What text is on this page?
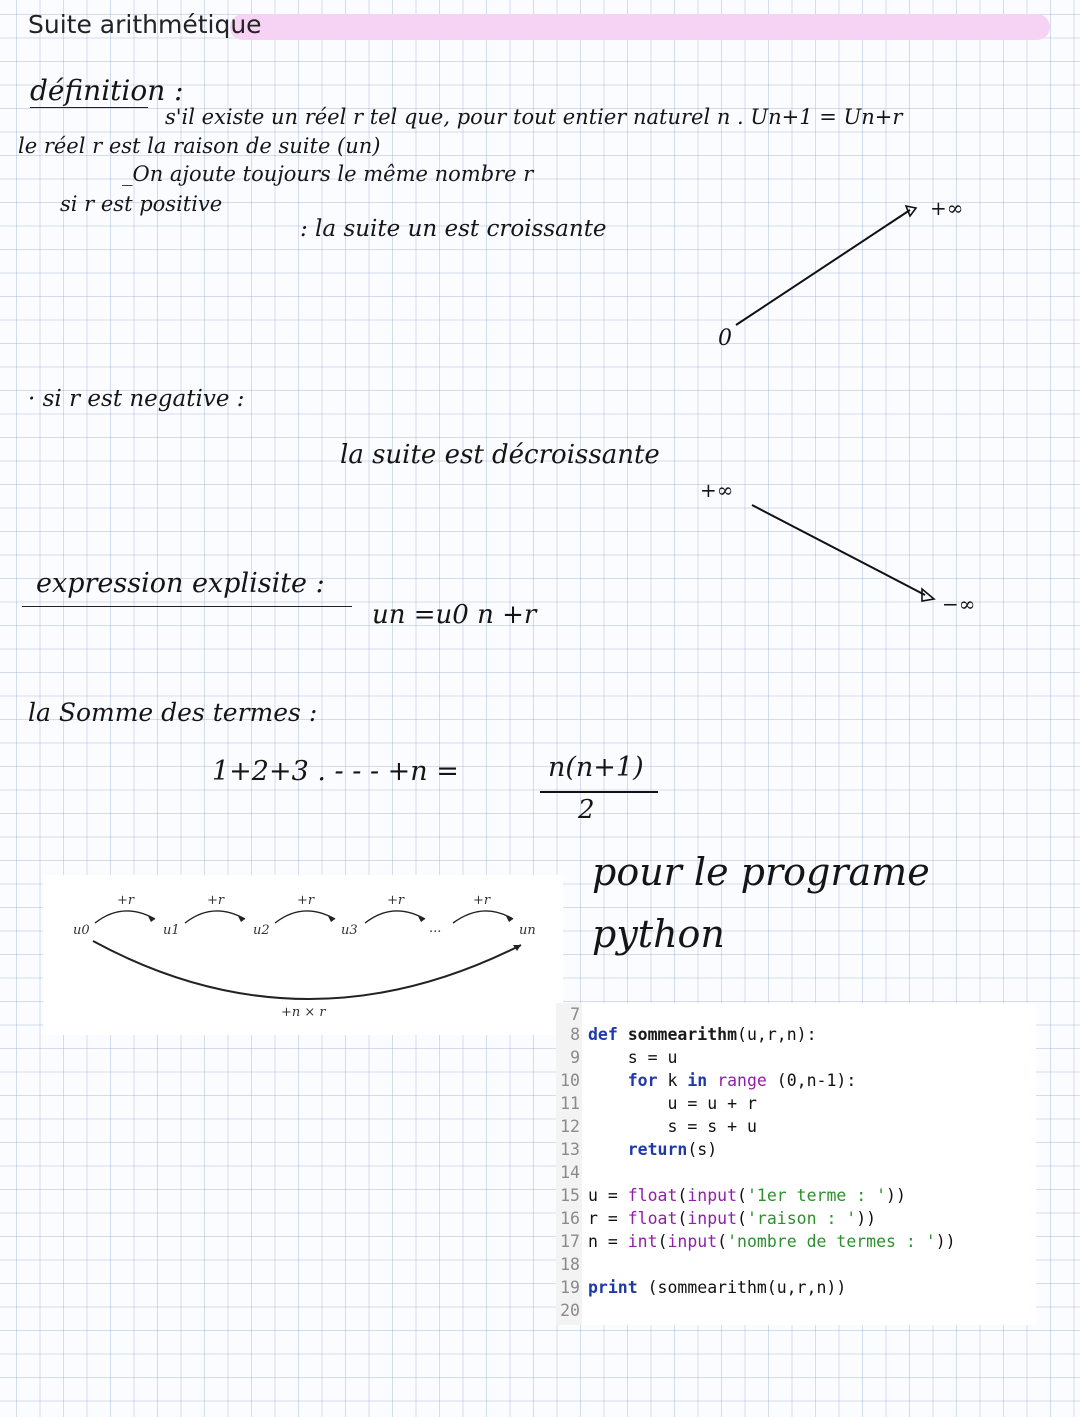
Suite arithmétique
définition :
s'il existe un réel r tel que, pour tout entier naturel n . Un+1 = Un+r
le réel r est la raison de suite (un)
_On ajoute toujours le même nombre r
si r est positive
: la suite un est croissante
0
+∞
· si r est negative :
la suite est décroissante
+∞
−∞
expression explisite :
un =u0 n +r
la Somme des termes :
1+2+3 . - - - +n =	n(n+1)
2
+r	+r	+r	+r	+r
u0	u1	u2	u3	...	un
+n × r
pour le programe
python
7
8 def sommearithm(u,r,n):
9    s = u
10	for k in range (0,n-1):
11        u = u + r
12        s = s + u
13	return(s)
14
15 u = float(input('1er terme : '))
16 r = float(input('raison : '))
17 n = int(input('nombre de termes : '))
18
19 print (sommearithm(u,r,n))
20
